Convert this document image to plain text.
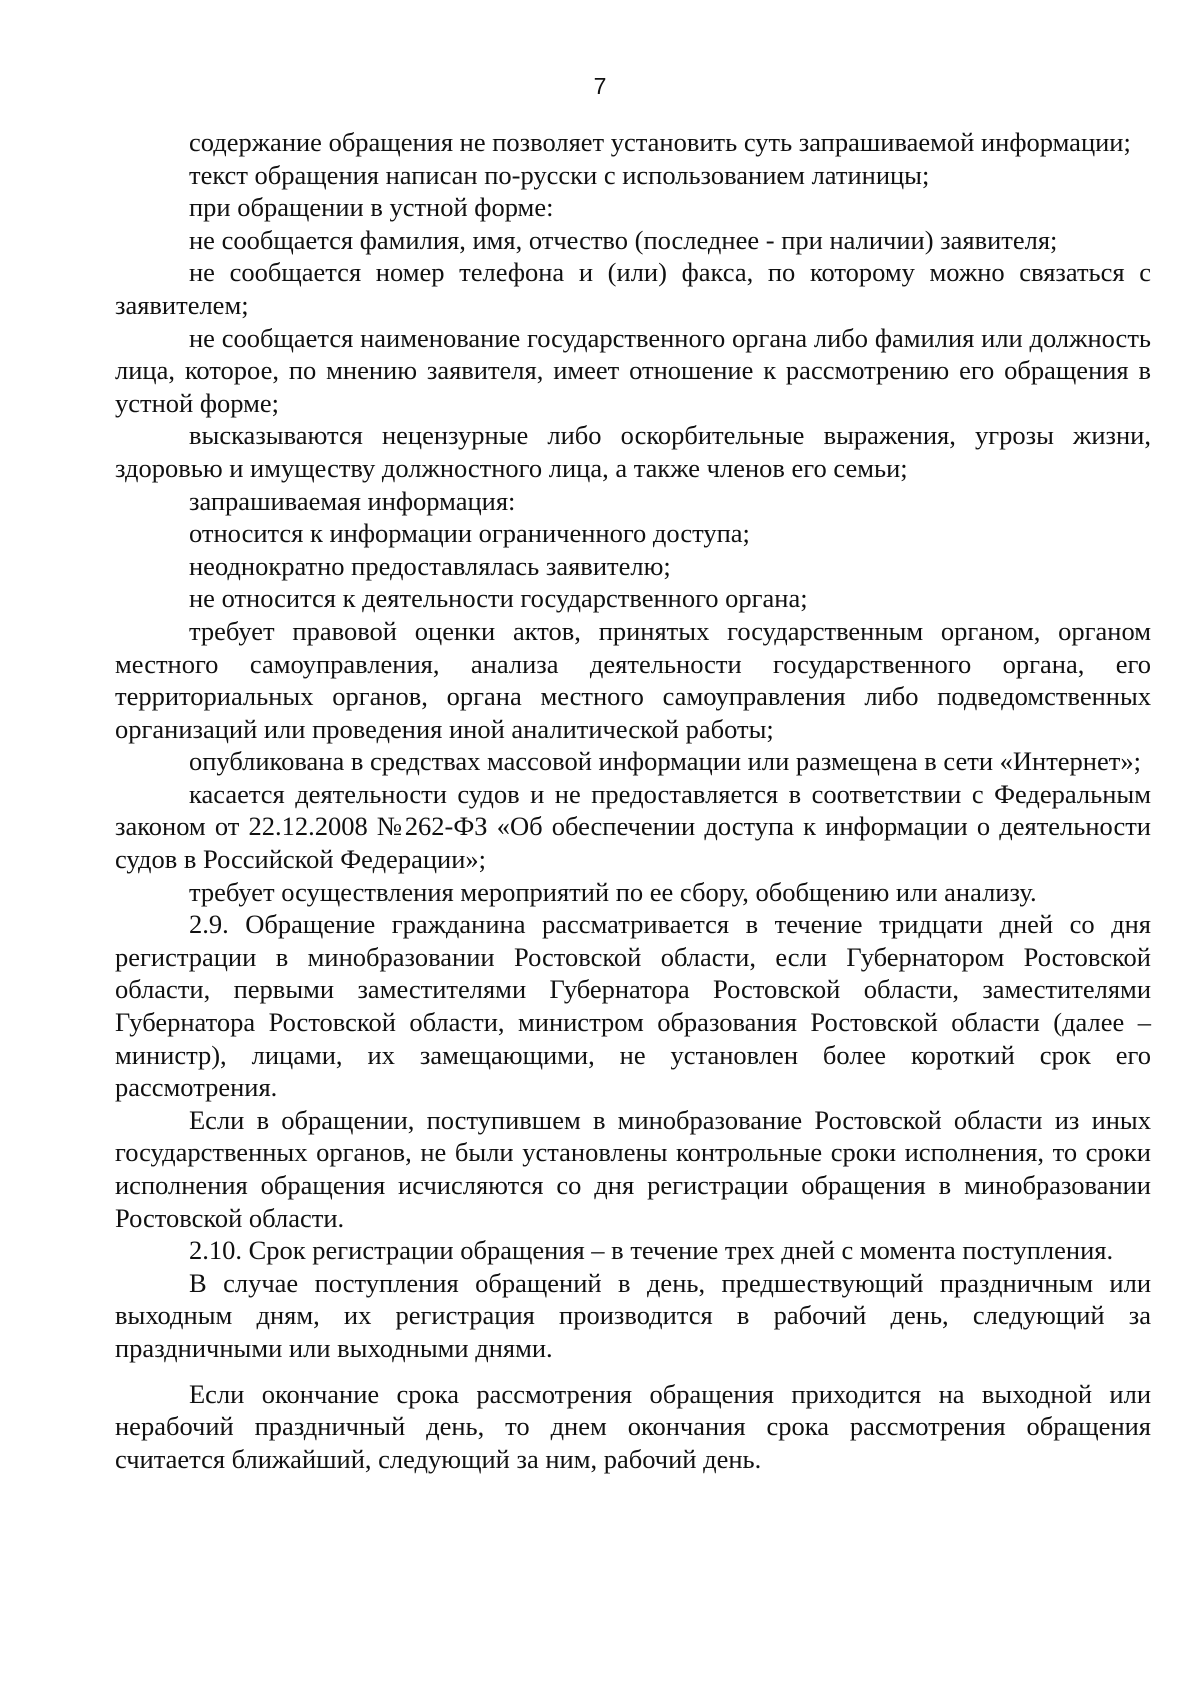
7

содержание обращения не позволяет установить суть запрашиваемой информации;

текст обращения написан по-русски с использованием латиницы;

при обращении в устной форме:

не сообщается фамилия, имя, отчество (последнее - при наличии) заявителя;

не сообщается номер телефона и (или) факса, по которому можно связаться с заявителем;

не сообщается наименование государственного органа либо фамилия или должность лица, которое, по мнению заявителя, имеет отношение к рассмотрению его обращения в устной форме;

высказываются нецензурные либо оскорбительные выражения, угрозы жизни, здоровью и имуществу должностного лица, а также членов его семьи;

запрашиваемая информация:

относится к информации ограниченного доступа;

неоднократно предоставлялась заявителю;

не относится к деятельности государственного органа;

требует правовой оценки актов, принятых государственным органом, органом местного самоуправления, анализа деятельности государственного органа, его территориальных органов, органа местного самоуправления либо подведомственных организаций или проведения иной аналитической работы;

опубликована в средствах массовой информации или размещена в сети «Интернет»;

касается деятельности судов и не предоставляется в соответствии с Федеральным законом от 22.12.2008 №262-ФЗ «Об обеспечении доступа к информации о деятельности судов в Российской Федерации»;

требует осуществления мероприятий по ее сбору, обобщению или анализу.

2.9. Обращение гражданина рассматривается в течение тридцати дней со дня регистрации в минобразовании Ростовской области, если Губернатором Ростовской области, первыми заместителями Губернатора Ростовской области, заместителями Губернатора Ростовской области, министром образования Ростовской области (далее – министр), лицами, их замещающими, не установлен более короткий срок его рассмотрения.

Если в обращении, поступившем в минобразование Ростовской области из иных государственных органов, не были установлены контрольные сроки исполнения, то сроки исполнения обращения исчисляются со дня регистрации обращения в минобразовании Ростовской области.

2.10. Срок регистрации обращения – в течение трех дней с момента поступления.

В случае поступления обращений в день, предшествующий праздничным или выходным дням, их регистрация производится в рабочий день, следующий за праздничными или выходными днями.

Если окончание срока рассмотрения обращения приходится на выходной или нерабочий праздничный день, то днем окончания срока рассмотрения обращения считается ближайший, следующий за ним, рабочий день.
